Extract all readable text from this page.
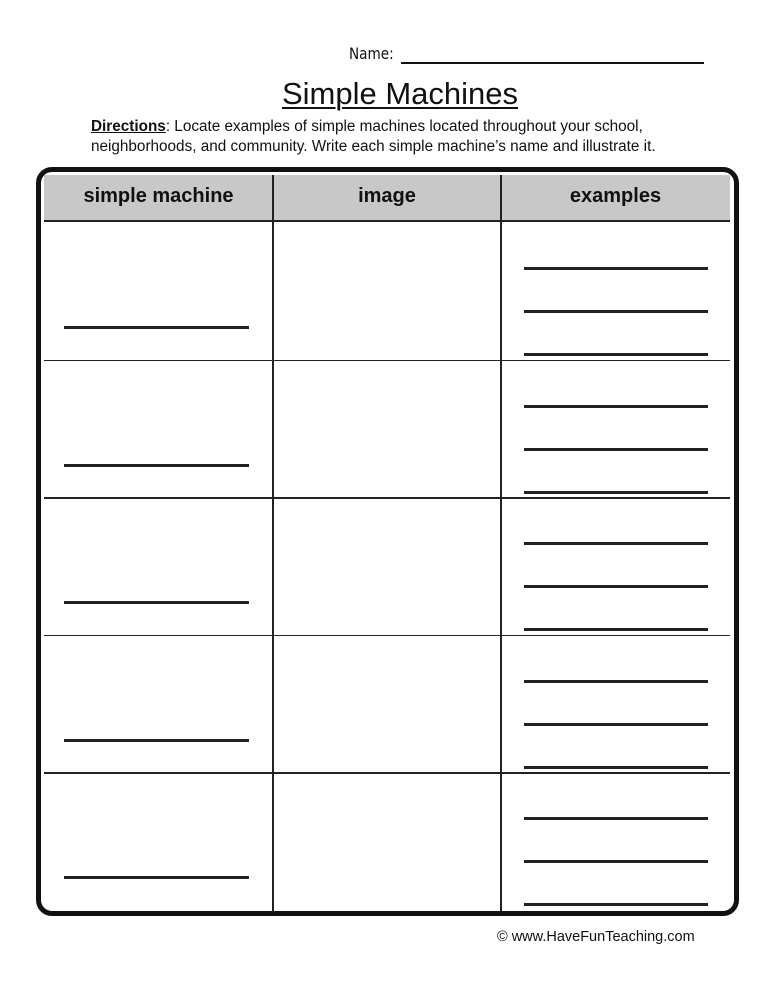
Name:
Simple Machines
Directions: Locate examples of simple machines located throughout your school, neighborhoods, and community. Write each simple machine’s name and illustrate it.
simple machine	image	examples
© www.HaveFunTeaching.com
